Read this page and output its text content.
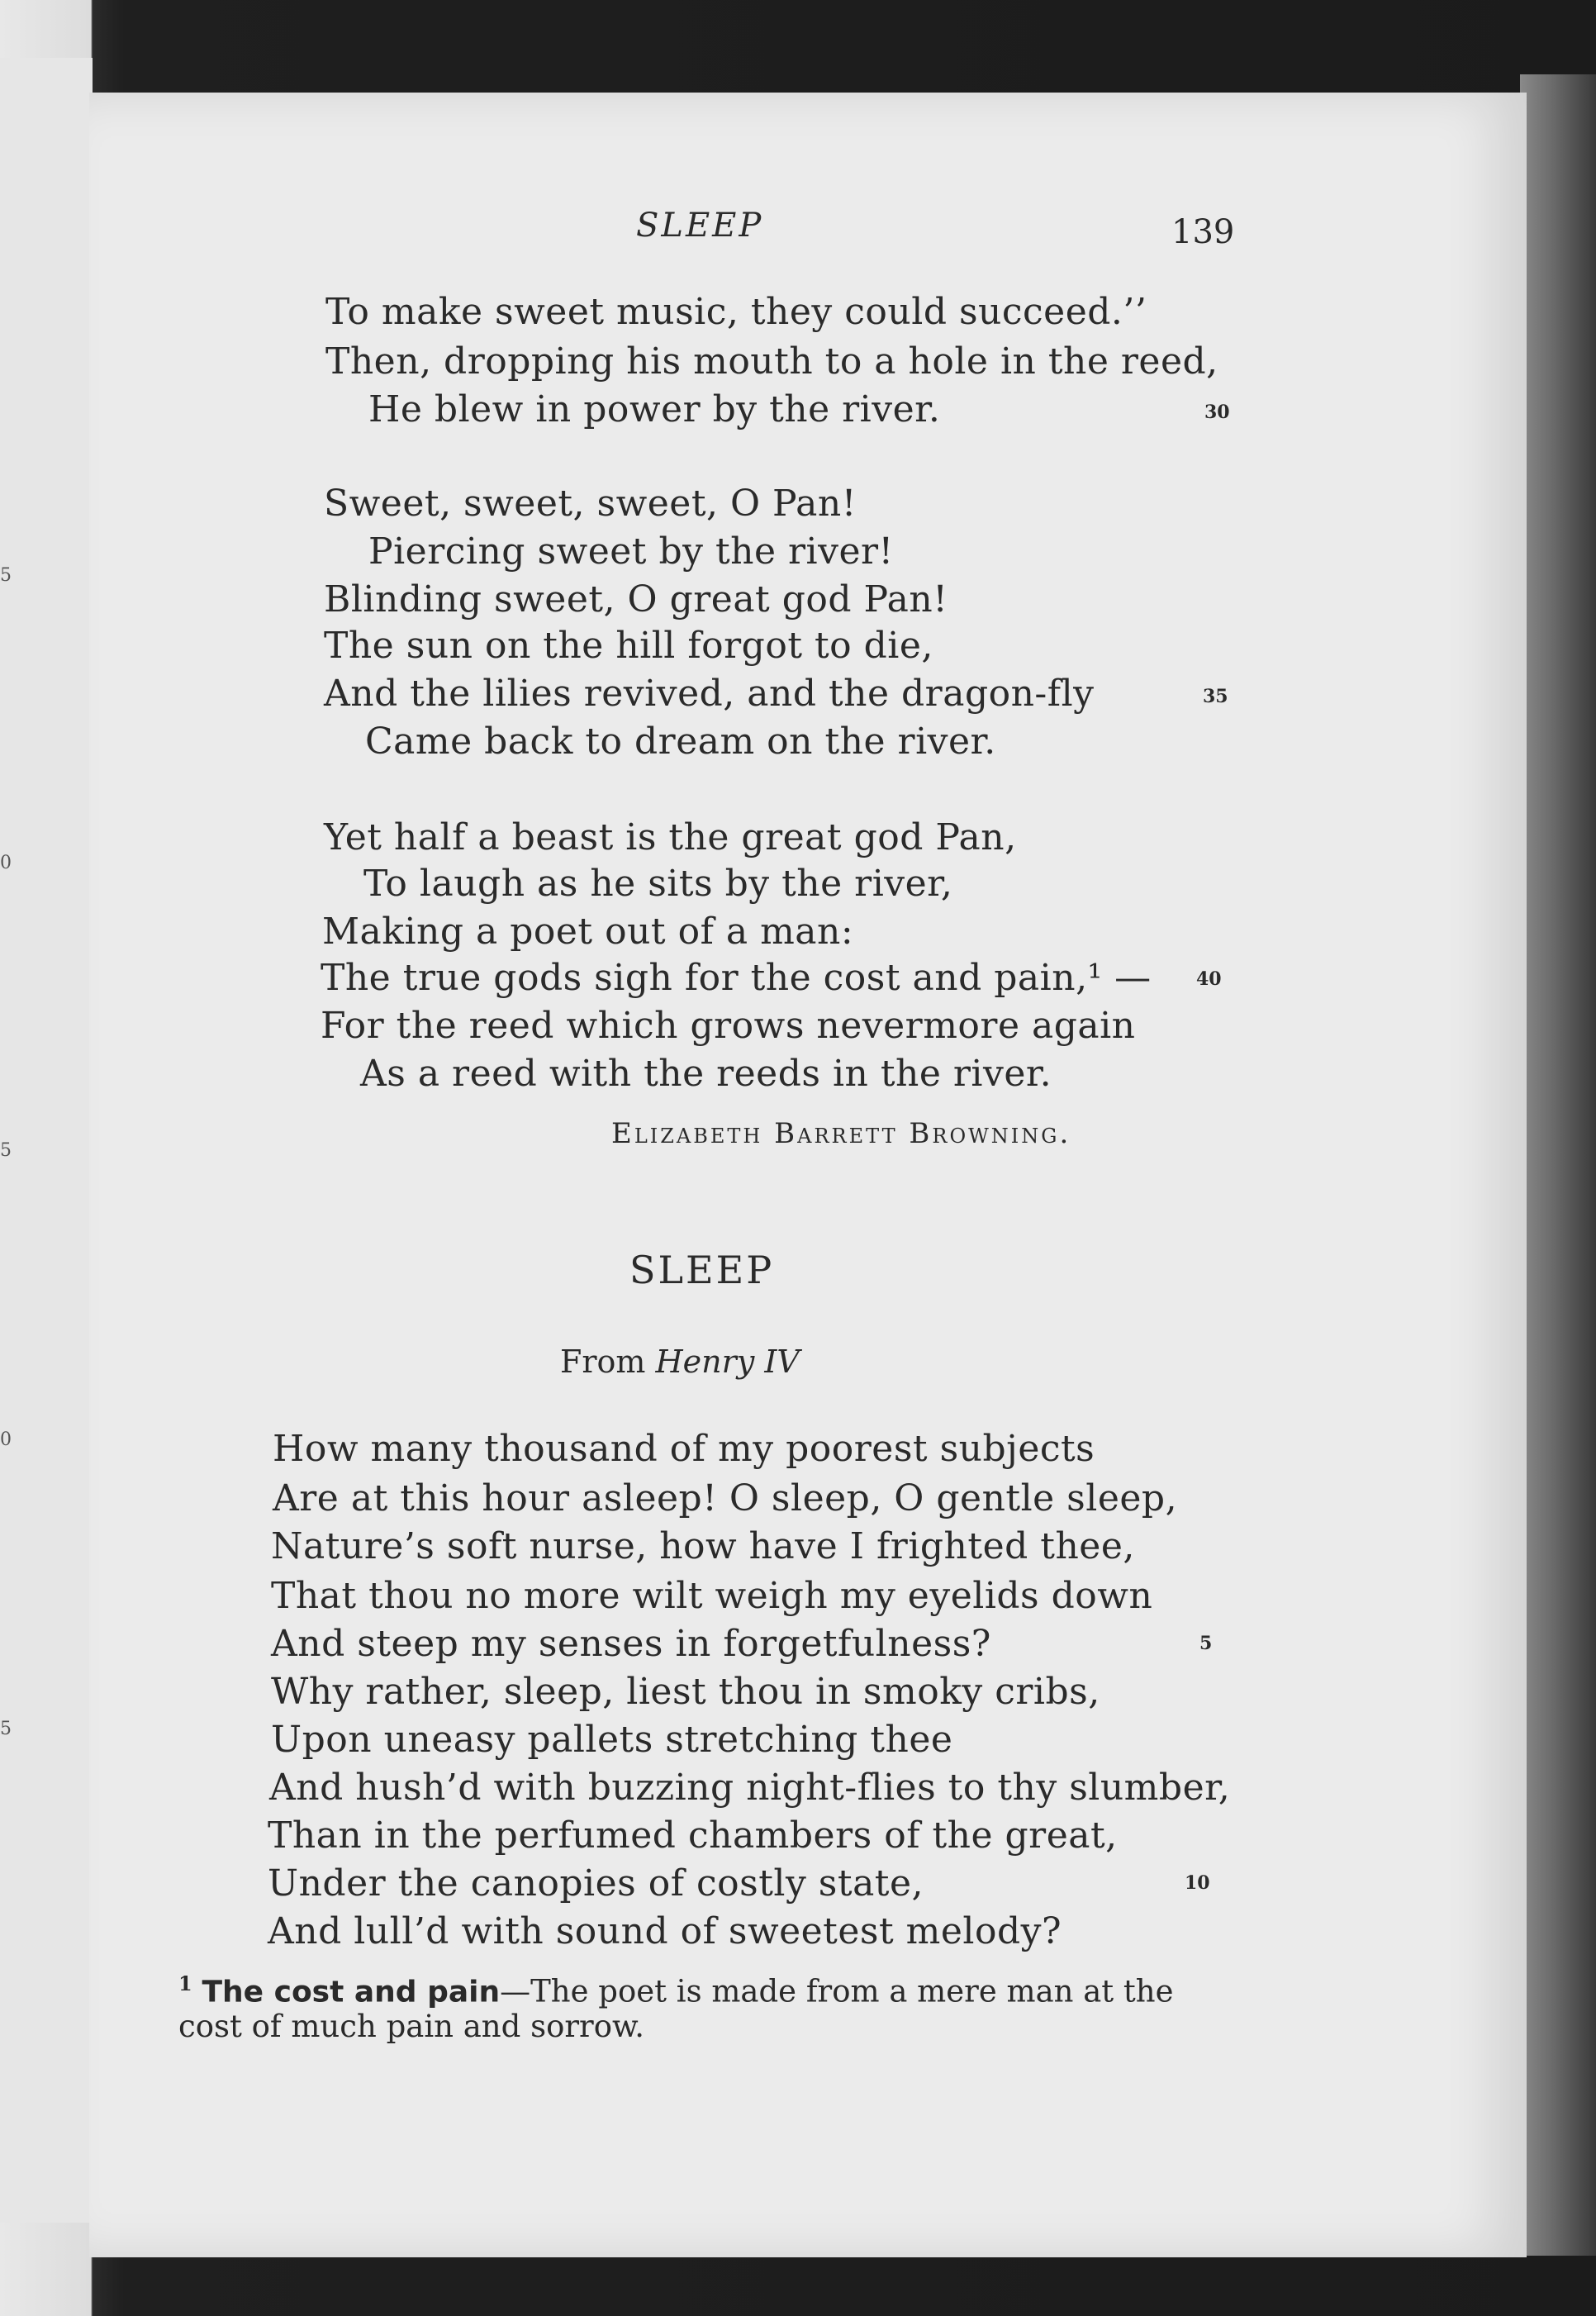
5
0
5
0
5
SLEEP	139
To make sweet music, they could succeed.’’
Then, dropping his mouth to a hole in the reed,
He blew in power by the river.	30
Sweet, sweet, sweet, O Pan!
Piercing sweet by the river!
Blinding sweet, O great god Pan!
The sun on the hill forgot to die,
And the lilies revived, and the dragon-fly	35
Came back to dream on the river.
Yet half a beast is the great god Pan,
To laugh as he sits by the river,
Making a poet out of a man:
The true gods sigh for the cost and pain,¹ — 40
For the reed which grows nevermore again
As a reed with the reeds in the river.
Elizabeth Barrett Browning.
SLEEP
From Henry IV
How many thousand of my poorest subjects
Are at this hour asleep! O sleep, O gentle sleep,
Nature’s soft nurse, how have I frighted thee,
That thou no more wilt weigh my eyelids down
And steep my senses in forgetfulness?	5
Why rather, sleep, liest thou in smoky cribs,
Upon uneasy pallets stretching thee
And hush’d with buzzing night-flies to thy slumber,
Than in the perfumed chambers of the great,
Under the canopies of costly state,	10
And lull’d with sound of sweetest melody?
$^1$ The cost and pain—The poet is made from a mere man at the cost of much pain and sorrow.
